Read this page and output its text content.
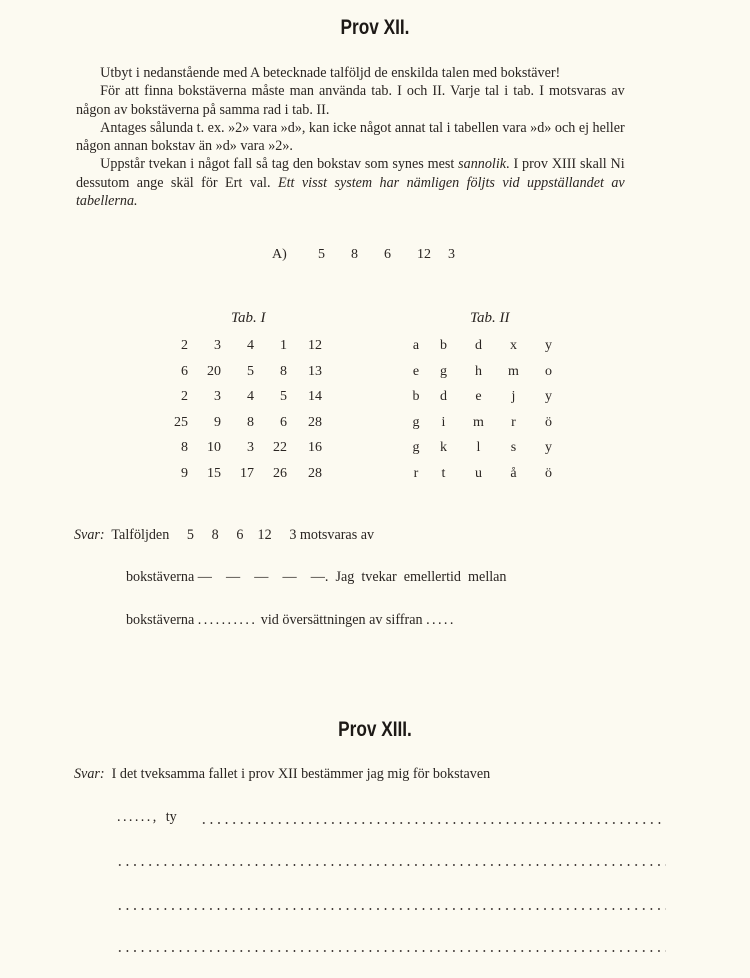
Prov XII.

Utbyt i nedanstående med A betecknade talföljd de enskilda talen med bokstäver!

För att finna bokstäverna måste man använda tab. I och II. Varje tal i tab. I motsvaras av någon av bokstäverna på samma rad i tab. II.

Antages sålunda t. ex. »2» vara »d», kan icke något annat tal i tabellen vara »d» och ej heller någon annan bokstav än »d» vara »2».

Uppstår tvekan i något fall så tag den bokstav som synes mest sannolik. I prov XIII skall Ni dessutom ange skäl för Ert val. Ett visst system har nämligen följts vid uppställandet av tabellerna.

A)	5	8	6	12	3
Tab. I	Tab. II
2	3	4	1	12
6	20	5	8	13
2	3	4	5	14
25	9	8	6	28
8	10	3	22	16
9	15	17	26	28
a	b	d	x	y
e	g	h	m	o
b	d	e	j	y
g	i	m	r	ö
g	k	l	s	y
r	t	u	å	ö
Svar: Talföljden 5 8 6 12 3 motsvaras av
bokstäverna — — — — —. Jag  tvekar  emellertid  mellan
bokstäverna .......... vid översättningen av siffran .....
Prov XIII.
Svar: I det tveksamma fallet i prov XII bestämmer jag mig för bokstaven
......, ty
